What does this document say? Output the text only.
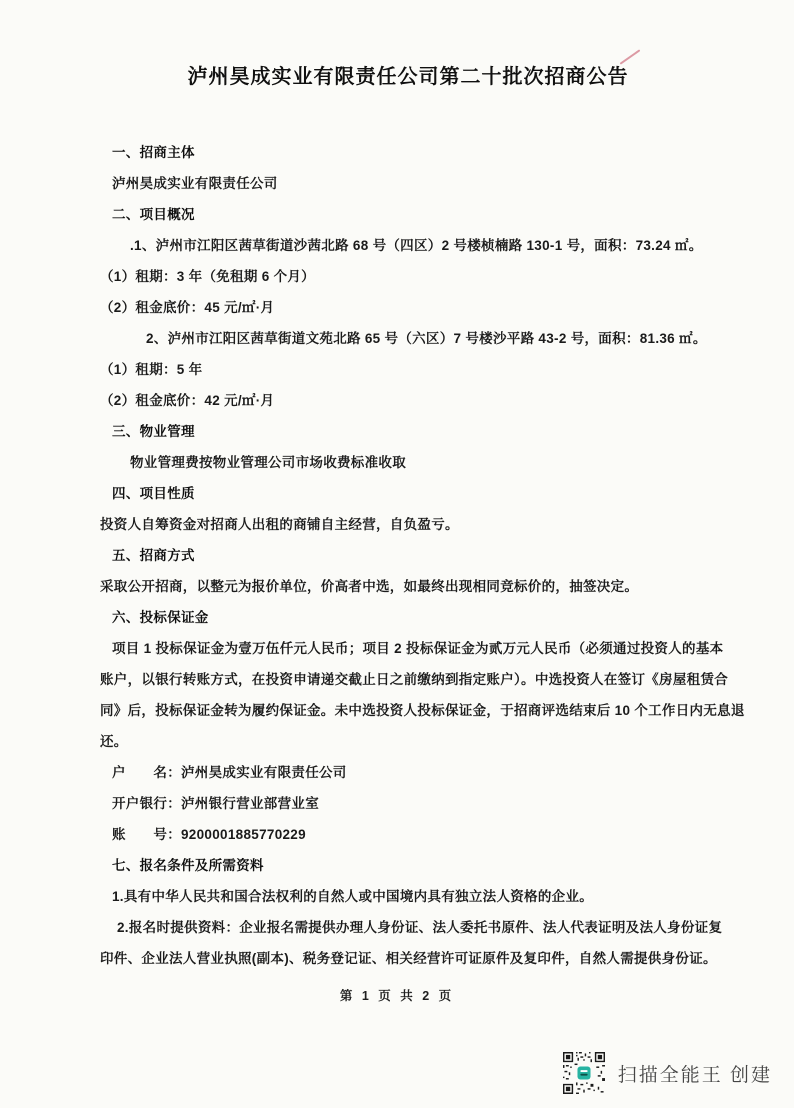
泸州昊成实业有限责任公司第二十批次招商公告
一、招商主体
泸州昊成实业有限责任公司
二、项目概况
.1、泸州市江阳区茜草街道沙茜北路 68 号（四区）2 号楼桢楠路 130-1 号，面积：73.24 ㎡。
（1）租期：3 年（免租期 6 个月）
（2）租金底价：45 元/㎡·月
2、泸州市江阳区茜草街道文苑北路 65 号（六区）7 号楼沙平路 43-2 号，面积：81.36 ㎡。
（1）租期：5 年
（2）租金底价：42 元/㎡·月
三、物业管理
物业管理费按物业管理公司市场收费标准收取
四、项目性质
投资人自筹资金对招商人出租的商铺自主经营，自负盈亏。
五、招商方式
采取公开招商，以整元为报价单位，价高者中选，如最终出现相同竞标价的，抽签决定。
六、投标保证金
项目 1 投标保证金为壹万伍仟元人民币；项目 2 投标保证金为贰万元人民币（必须通过投资人的基本
账户，以银行转账方式，在投资申请递交截止日之前缴纳到指定账户）。中选投资人在签订《房屋租赁合
同》后，投标保证金转为履约保证金。未中选投资人投标保证金，于招商评选结束后 10 个工作日内无息退
还。
户　　名：泸州昊成实业有限责任公司
开户银行：泸州银行营业部营业室
账　　号：9200001885770229
七、报名条件及所需资料
1.具有中华人民共和国合法权利的自然人或中国境内具有独立法人资格的企业。
2.报名时提供资料：企业报名需提供办理人身份证、法人委托书原件、法人代表证明及法人身份证复
印件、企业法人营业执照(副本)、税务登记证、相关经营许可证原件及复印件，自然人需提供身份证。
第 1 页 共 2 页
扫描全能王 创建
